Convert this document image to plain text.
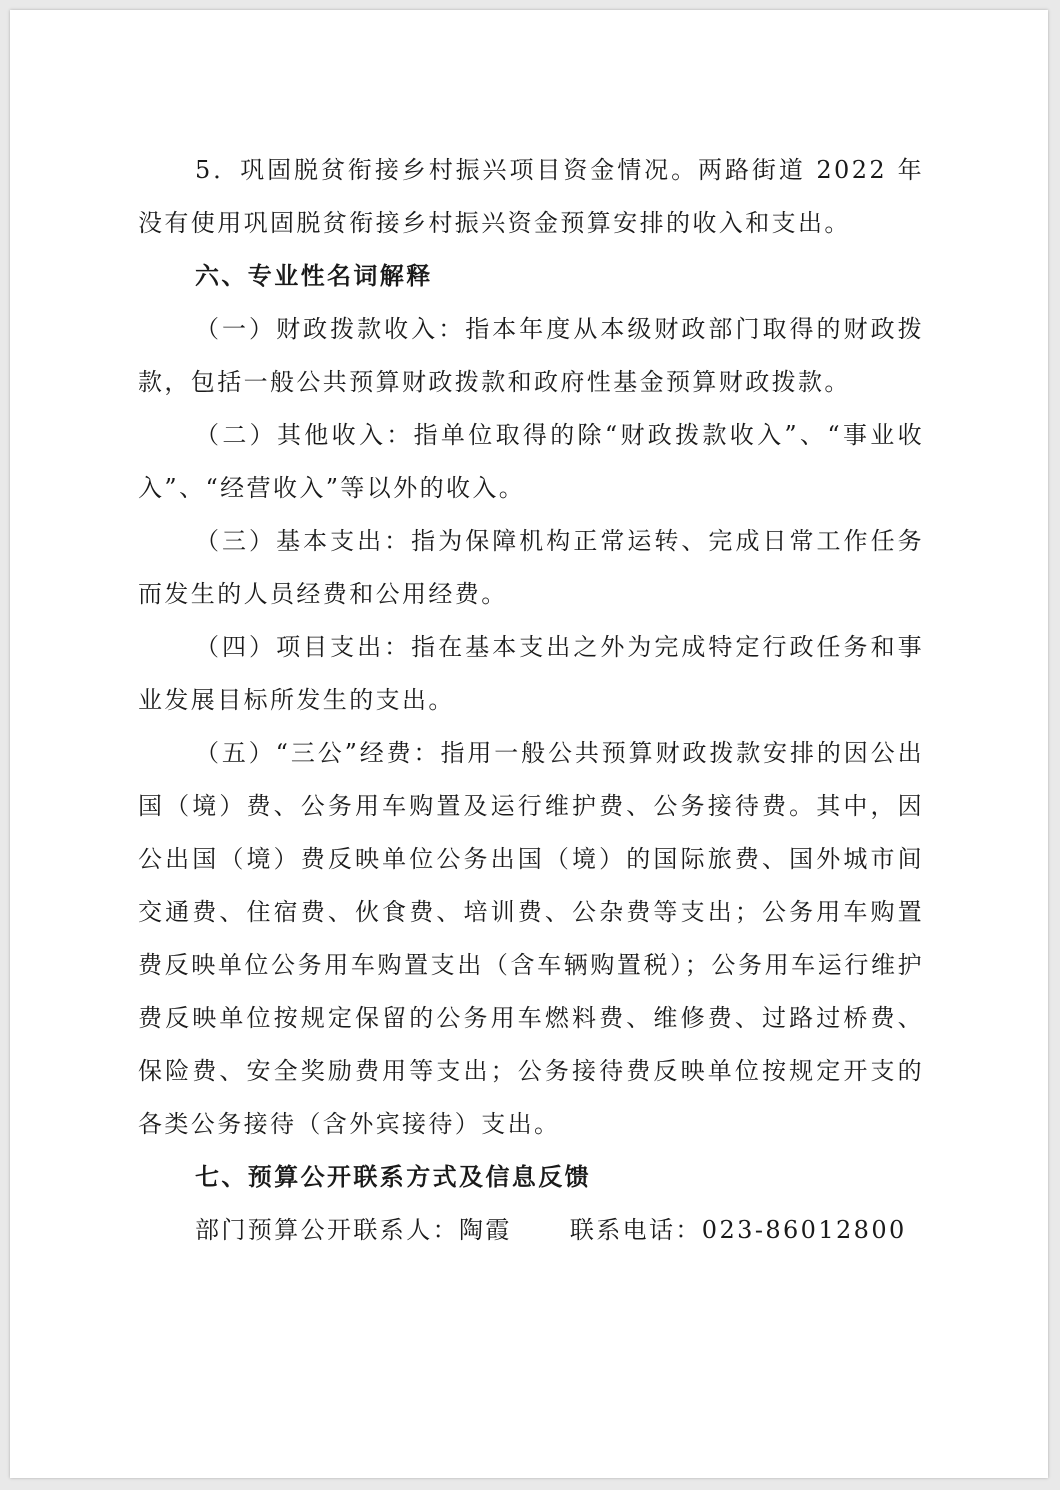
5．巩固脱贫衔接乡村振兴项目资金情况。两路街道 2022 年没有使用巩固脱贫衔接乡村振兴资金预算安排的收入和支出。

六、专业性名词解释

（一）财政拨款收入：指本年度从本级财政部门取得的财政拨款，包括一般公共预算财政拨款和政府性基金预算财政拨款。

（二）其他收入：指单位取得的除“财政拨款收入”、“事业收入”、“经营收入”等以外的收入。

（三）基本支出：指为保障机构正常运转、完成日常工作任务而发生的人员经费和公用经费。

（四）项目支出：指在基本支出之外为完成特定行政任务和事业发展目标所发生的支出。

（五）“三公”经费：指用一般公共预算财政拨款安排的因公出国（境）费、公务用车购置及运行维护费、公务接待费。其中，因公出国（境）费反映单位公务出国（境）的国际旅费、国外城市间交通费、住宿费、伙食费、培训费、公杂费等支出；公务用车购置费反映单位公务用车购置支出（含车辆购置税）；公务用车运行维护费反映单位按规定保留的公务用车燃料费、维修费、过路过桥费、保险费、安全奖励费用等支出；公务接待费反映单位按规定开支的各类公务接待（含外宾接待）支出。

七、预算公开联系方式及信息反馈

部门预算公开联系人：陶霞 联系电话：023-86012800
